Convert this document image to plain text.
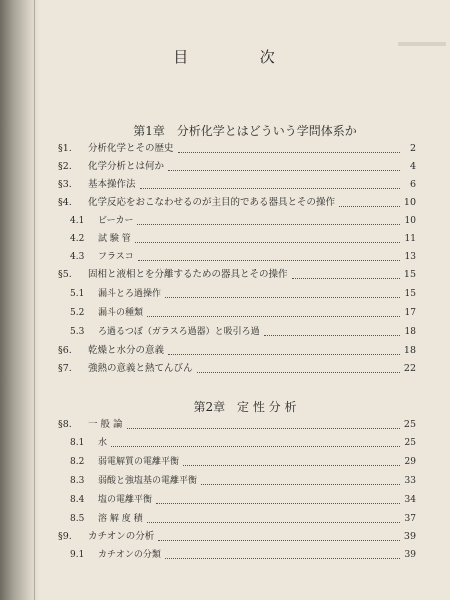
目	次
第1章 分析化学とはどういう学問体系か
§1.	分析化学とその歴史	2
§2.	化学分析とは何か	4
§3.	基本操作法	6
§4.	化学反応をおこなわせるのが主目的である器具とその操作	10
4.1	ビーカー	10
4.2	試 験 管	11
4.3	フラスコ	13
§5.	固相と液相とを分離するための器具とその操作	15
5.1	漏斗とろ過操作	15
5.2	漏斗の種類	17
5.3	ろ過るつぼ（ガラスろ過器）と吸引ろ過	18
§6.	乾燥と水分の意義	18
§7.	強熱の意義と熱てんびん	22
第2章 定 性 分 析
§8.	一 般 論	25
8.1	水	25
8.2	弱電解質の電離平衡	29
8.3	弱酸と強塩基の電離平衡	33
8.4	塩の電離平衡	34
8.5	溶 解 度 積	37
§9.	カチオンの分析	39
9.1	カチオンの分類	39
